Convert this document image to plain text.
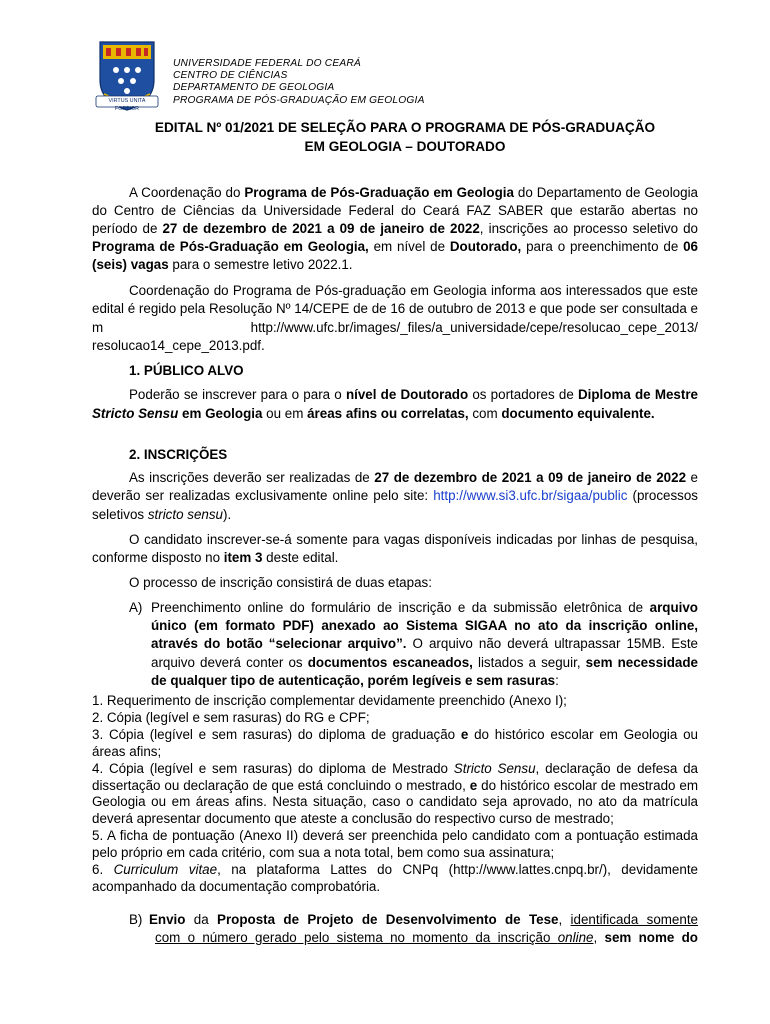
VIRTUS UNITA FORTIOR
UNIVERSIDADE FEDERAL DO CEARÁ
CENTRO DE CIÊNCIAS
DEPARTAMENTO DE GEOLOGIA
PROGRAMA DE PÓS-GRADUAÇÃO EM GEOLOGIA
EDITAL Nº 01/2021 DE SELEÇÃO PARA O PROGRAMA DE PÓS-GRADUAÇÃO
EM GEOLOGIA – DOUTORADO
A Coordenação do Programa de Pós-Graduação em Geologia do Departamento de Geologia do Centro de Ciências da Universidade Federal do Ceará FAZ SABER que estarão abertas no período de 27 de dezembro de 2021 a 09 de janeiro de 2022, inscrições ao processo seletivo do Programa de Pós-Graduação em Geologia, em nível de Doutorado, para o preenchimento de 06 (seis) vagas para o semestre letivo 2022.1.
Coordenação do Programa de Pós-graduação em Geologia informa aos interessados que este edital é regido pela Resolução Nº 14/CEPE de de 16 de outubro de 2013 e que pode ser consultada em http://www.ufc.br/images/_files/a_universidade/cepe/resolucao_cepe_2013/
resolucao14_cepe_2013.pdf.
1. PÚBLICO ALVO
Poderão se inscrever para o para o nível de Doutorado os portadores de Diploma de Mestre Stricto Sensu em Geologia ou em áreas afins ou correlatas, com documento equivalente.
2. INSCRIÇÕES
As inscrições deverão ser realizadas de 27 de dezembro de 2021 a 09 de janeiro de 2022 e deverão ser realizadas exclusivamente online pelo site: http://www.si3.ufc.br/sigaa/public (processos seletivos stricto sensu).
O candidato inscrever-se-á somente para vagas disponíveis indicadas por linhas de pesquisa, conforme disposto no item 3 deste edital.
O processo de inscrição consistirá de duas etapas:
A) Preenchimento online do formulário de inscrição e da submissão eletrônica de arquivo único (em formato PDF) anexado ao Sistema SIGAA no ato da inscrição online, através do botão “selecionar arquivo”. O arquivo não deverá ultrapassar 15MB. Este arquivo deverá conter os documentos escaneados, listados a seguir, sem necessidade de qualquer tipo de autenticação, porém legíveis e sem rasuras:
1. Requerimento de inscrição complementar devidamente preenchido (Anexo I);
2. Cópia (legível e sem rasuras) do RG e CPF;
3. Cópia (legível e sem rasuras) do diploma de graduação e do histórico escolar em Geologia ou áreas afins;
4. Cópia (legível e sem rasuras) do diploma de Mestrado Stricto Sensu, declaração de defesa da dissertação ou declaração de que está concluindo o mestrado, e do histórico escolar de mestrado em Geologia ou em áreas afins. Nesta situação, caso o candidato seja aprovado, no ato da matrícula deverá apresentar documento que ateste a conclusão do respectivo curso de mestrado;
5. A ficha de pontuação (Anexo II) deverá ser preenchida pelo candidato com a pontuação estimada pelo próprio em cada critério, com sua a nota total, bem como sua assinatura;
6. Curriculum vitae, na plataforma Lattes do CNPq (http://www.lattes.cnpq.br/), devidamente acompanhado da documentação comprobatória.
B) Envio da Proposta de Projeto de Desenvolvimento de Tese, identificada somente
com o número gerado pelo sistema no momento da inscrição online, sem nome do
